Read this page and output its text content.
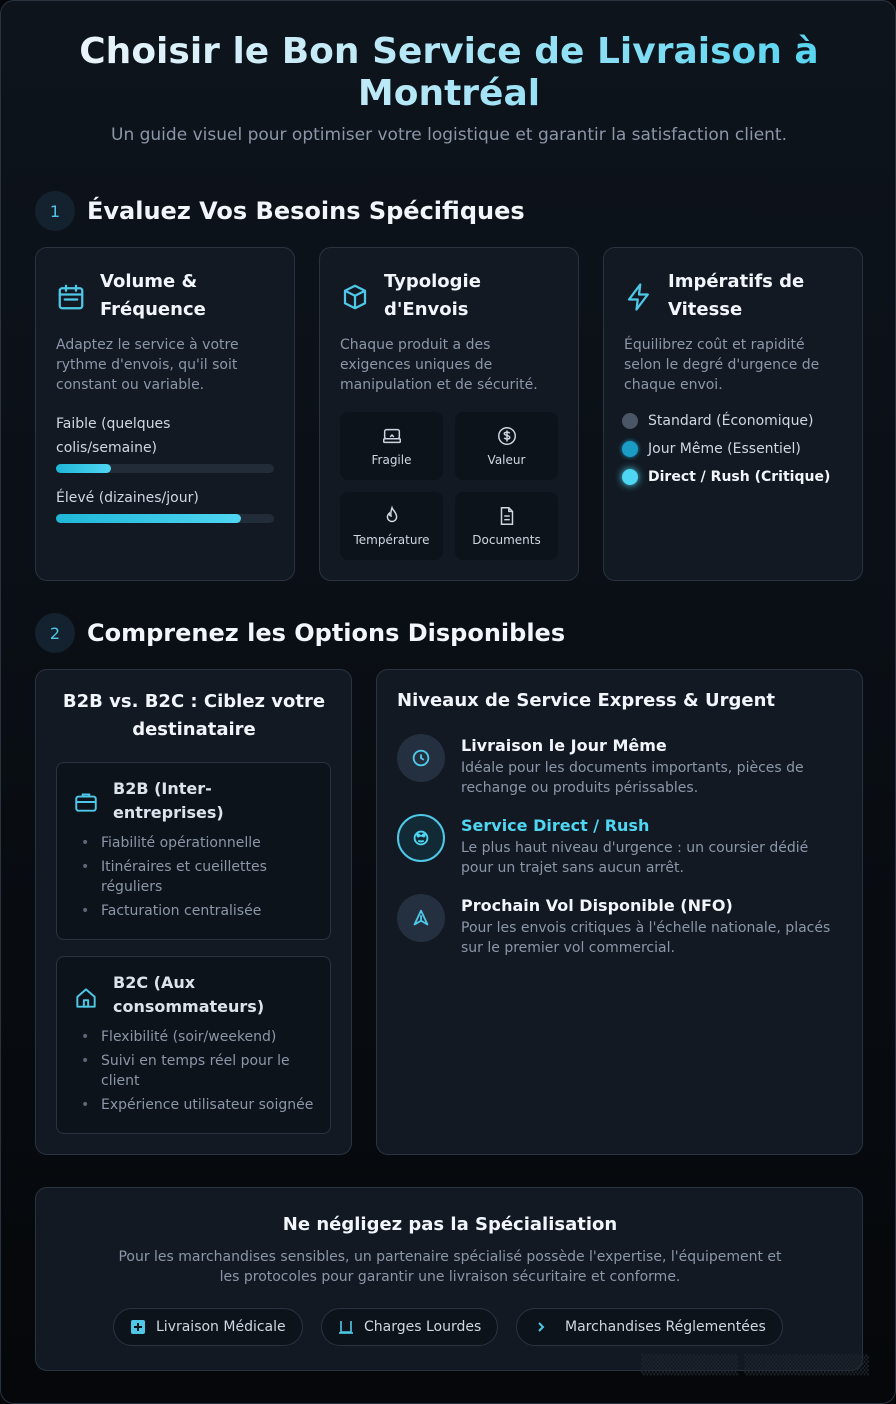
Choisir le Bon Service de Livraison à Montréal
Un guide visuel pour optimiser votre logistique et garantir la satisfaction client.
1	Évaluez Vos Besoins Spécifiques
Volume & Fréquence
Adaptez le service à votre rythme d'envois, qu'il soit constant ou variable.
Faible (quelques colis/semaine)
Élevé (dizaines/jour)
Typologie d'Envois
Chaque produit a des exigences uniques de manipulation et de sécurité.
Fragile	Valeur
Température	Documents
Impératifs de Vitesse
Équilibrez coût et rapidité selon le degré d'urgence de chaque envoi.
Standard (Économique)
Jour Même (Essentiel)
Direct / Rush (Critique)
2	Comprenez les Options Disponibles
B2B vs. B2C : Ciblez votre destinataire
B2B (Inter-entreprises)
• Fiabilité opérationnelle
• Itinéraires et cueillettes réguliers
• Facturation centralisée
B2C (Aux consommateurs)
• Flexibilité (soir/weekend)
• Suivi en temps réel pour le client
• Expérience utilisateur soignée
Niveaux de Service Express & Urgent
Livraison le Jour Même
Idéale pour les documents importants, pièces de rechange ou produits périssables.
Service Direct / Rush
Le plus haut niveau d'urgence : un coursier dédié pour un trajet sans aucun arrêt.
Prochain Vol Disponible (NFO)
Pour les envois critiques à l'échelle nationale, placés sur le premier vol commercial.
Ne négligez pas la Spécialisation
Pour les marchandises sensibles, un partenaire spécialisé possède l'expertise, l'équipement et les protocoles pour garantir une livraison sécuritaire et conforme.
Livraison Médicale	Charges Lourdes	Marchandises Réglementées
▒▒▒▒▒▒▒ ▒▒▒▒▒▒▒▒▒
